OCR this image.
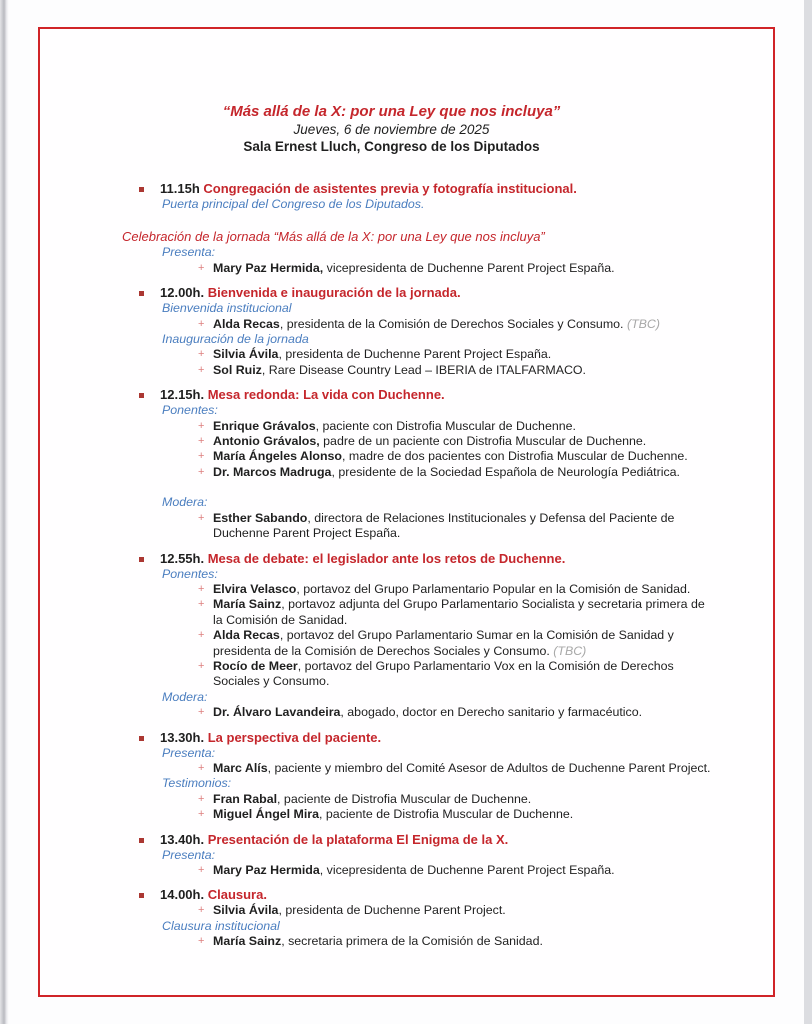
“Más allá de la X: por una Ley que nos incluya”
Jueves, 6 de noviembre de 2025
Sala Ernest Lluch, Congreso de los Diputados
11.15h Congregación de asistentes previa y fotografía institucional.
Puerta principal del Congreso de los Diputados.
Celebración de la jornada “Más allá de la X: por una Ley que nos incluya”
Presenta:
+ Mary Paz Hermida, vicepresidenta de Duchenne Parent Project España.
12.00h. Bienvenida e inauguración de la jornada.
Bienvenida institucional
+ Alda Recas, presidenta de la Comisión de Derechos Sociales y Consumo. (TBC)
Inauguración de la jornada
+ Silvia Ávila, presidenta de Duchenne Parent Project España.
+ Sol Ruiz, Rare Disease Country Lead – IBERIA de ITALFARMACO.
12.15h. Mesa redonda: La vida con Duchenne.
Ponentes:
+ Enrique Grávalos, paciente con Distrofia Muscular de Duchenne.
+ Antonio Grávalos, padre de un paciente con Distrofia Muscular de Duchenne.
+ María Ángeles Alonso, madre de dos pacientes con Distrofia Muscular de Duchenne.
+ Dr. Marcos Madruga, presidente de la Sociedad Española de Neurología Pediátrica.
Modera:
+ Esther Sabando, directora de Relaciones Institucionales y Defensa del Paciente de Duchenne Parent Project España.
12.55h. Mesa de debate: el legislador ante los retos de Duchenne.
Ponentes:
+ Elvira Velasco, portavoz del Grupo Parlamentario Popular en la Comisión de Sanidad.
+ María Sainz, portavoz adjunta del Grupo Parlamentario Socialista y secretaria primera de la Comisión de Sanidad.
+ Alda Recas, portavoz del Grupo Parlamentario Sumar en la Comisión de Sanidad y presidenta de la Comisión de Derechos Sociales y Consumo. (TBC)
+ Rocío de Meer, portavoz del Grupo Parlamentario Vox en la Comisión de Derechos Sociales y Consumo.
Modera:
+ Dr. Álvaro Lavandeira, abogado, doctor en Derecho sanitario y farmacéutico.
13.30h. La perspectiva del paciente.
Presenta:
+ Marc Alís, paciente y miembro del Comité Asesor de Adultos de Duchenne Parent Project.
Testimonios:
+ Fran Rabal, paciente de Distrofia Muscular de Duchenne.
+ Miguel Ángel Mira, paciente de Distrofia Muscular de Duchenne.
13.40h. Presentación de la plataforma El Enigma de la X.
Presenta:
+ Mary Paz Hermida, vicepresidenta de Duchenne Parent Project España.
14.00h. Clausura.
+ Silvia Ávila, presidenta de Duchenne Parent Project.
Clausura institucional
+ María Sainz, secretaria primera de la Comisión de Sanidad.
